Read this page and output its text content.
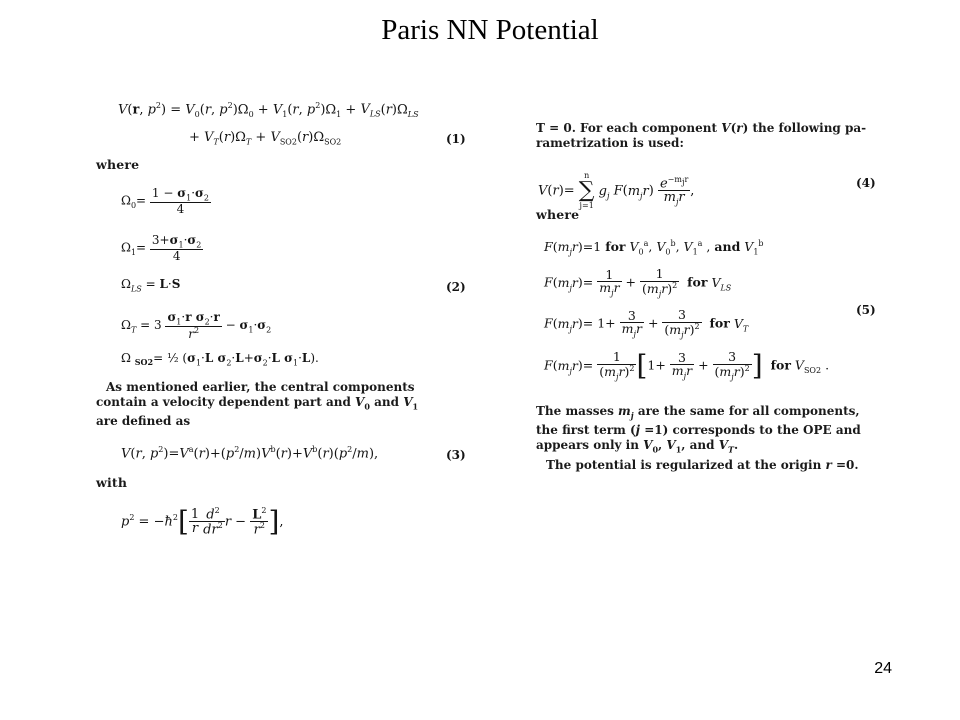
Paris NN Potential
V(r, $p^2) = V_0(r$, $p^2)\Omega_0 + V_1(r$, $p^2)\Omega_1 + V_{LS}(r)\Omega_{LS}$
+ $V_T(r)\Omega_T + V_{SO2}(r)\Omega_{SO2}$	(1)
where
$\Omega_0= \frac{1 - \sigma_1\cdot\sigma_2}{4}$
$\Omega_1= \frac{3+\sigma_1\cdot\sigma_2}{4}$
$\Omega_{LS} = L\cdot S$	(2)
$\Omega_T = 3 \frac{\sigma_1\cdot r \sigma_2\cdot r}{r^2} - \sigma_1\cdot\sigma_2$
Ω $_{SO2}$= ½ ($\sigma_1\cdot L$ $\sigma_2\cdot L+\sigma_2\cdot L$ $\sigma_1\cdot L$).
As mentioned earlier, the central components
contain a velocity dependent part and $V_0$ and $V_1$
are defined as
V(r, $p^2)=V^a(r)+(p^2/m)V^b(r)+V^b(r)(p^2/m)$,	(3)
with
$p^2$ = $-ħ^2[ \frac{1}{r} \frac{d^2}{dr^2}$ $r - \frac{L^2}{r^2}$ ],
T = 0. For each component V(r) the following pa-
rametrization is used:
V(r)=
n
∑
j=1
$g_j$ $F(m_jr) \frac{e^{-m_jr}}{m_jr}$ ,
(4)
where
$F(m_jr)=1$ for $V_0^a$, $V_0^b$, $V_1^a$ , and $V_1^b$
$F(m_jr)= \frac{1}{m_jr} + \frac{1}{(m_jr)^2}$ for $V_{LS}$
(5)
$F(m_jr)= 1+ \frac{3}{m_jr} + \frac{3}{(m_jr)^2}$ for $V_T$
$F(m_jr)= \frac{1}{(m_jr)^2} [1+ \frac{3}{m_jr} + \frac{3}{(m_jr)^2}$ ] for $V_{SO2}$ .
The masses $m_j$ are the same for all components,
the first term (j =1) corresponds to the OPE and
appears only in $V_0$, $V_1$, and $V_T$.
The potential is regularized at the origin r =0.
24
